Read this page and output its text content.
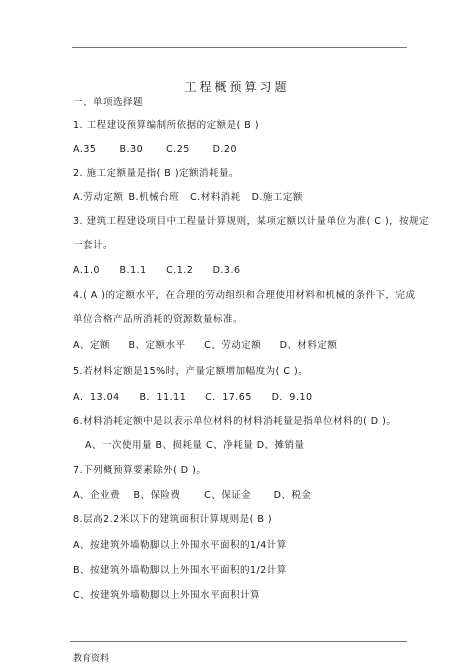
工程概预算习题
一、单项选择题
1. 工程建设预算编制所依据的定额是( B )
A.35 B.30 C.25 D.20
2. 施工定额量是指( B )定额消耗量。
A.劳动定额 B.机械台班 C.材料消耗 D.施工定额
3. 建筑工程建设项目中工程量计算规则，某项定额以计量单位为准( C )，按规定
一套计。
A.1.0 B.1.1 C.1.2 D.3.6
4.( A )的定额水平，在合理的劳动组织和合理使用材料和机械的条件下，完成
单位合格产品所消耗的资源数量标准。
A、定额 B、定额水平 C、劳动定额 D、材料定额
5.若材料定额是15%时，产量定额增加幅度为( C )。
A．13.04 B．11.11 C．17.65 D．9.10
6.材料消耗定额中是以表示单位材料的材料消耗量是指单位材料的( D )。
A、一次使用量 B、损耗量 C、净耗量 D、摊销量
7.下列概预算要素除外( D )。
A、企业费 B、保险费 C、保证金 D、税金
8.层高2.2米以下的建筑面积计算规则是( B )
A、按建筑外墙勒脚以上外围水平面积的1/4计算
B、按建筑外墙勒脚以上外围水平面积的1/2计算
C、按建筑外墙勒脚以上外围水平面积计算
教育资料
